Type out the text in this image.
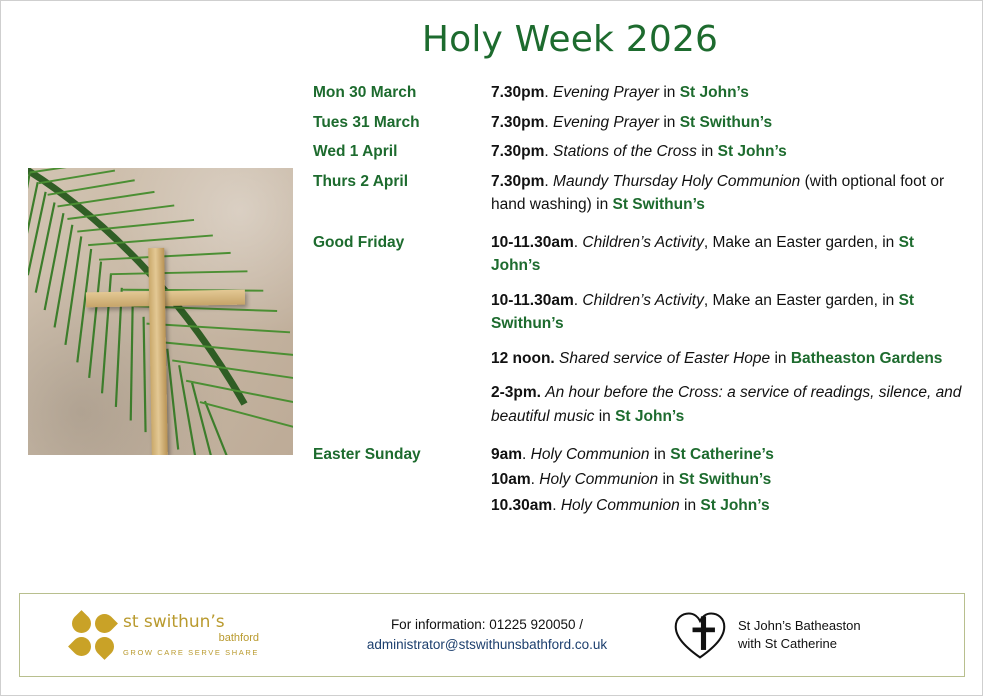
Holy Week 2026
Mon 30 March	7.30pm. Evening Prayer in St John’s
Tues 31 March	7.30pm. Evening Prayer in St Swithun’s
Wed 1 April	7.30pm. Stations of the Cross in St John’s
Thurs 2 April	7.30pm. Maundy Thursday Holy Communion (with optional foot or hand washing) in St Swithun’s
Good Friday	10-11.30am. Children’s Activity, Make an Easter garden, in St John’s
10-11.30am. Children’s Activity, Make an Easter garden, in St Swithun’s
12 noon. Shared service of Easter Hope in Batheaston Gardens
2-3pm. An hour before the Cross: a service of readings, silence, and beautiful music in St John’s
Easter Sunday	9am. Holy Communion in St Catherine’s
10am. Holy Communion in St Swithun’s
10.30am. Holy Communion in St John’s
st swithun’s
bathford
GROW CARE SERVE SHARE
For information: 01225 920050 /
administrator@stswithunsbathford.co.uk
St John’s Batheaston
with St Catherine
